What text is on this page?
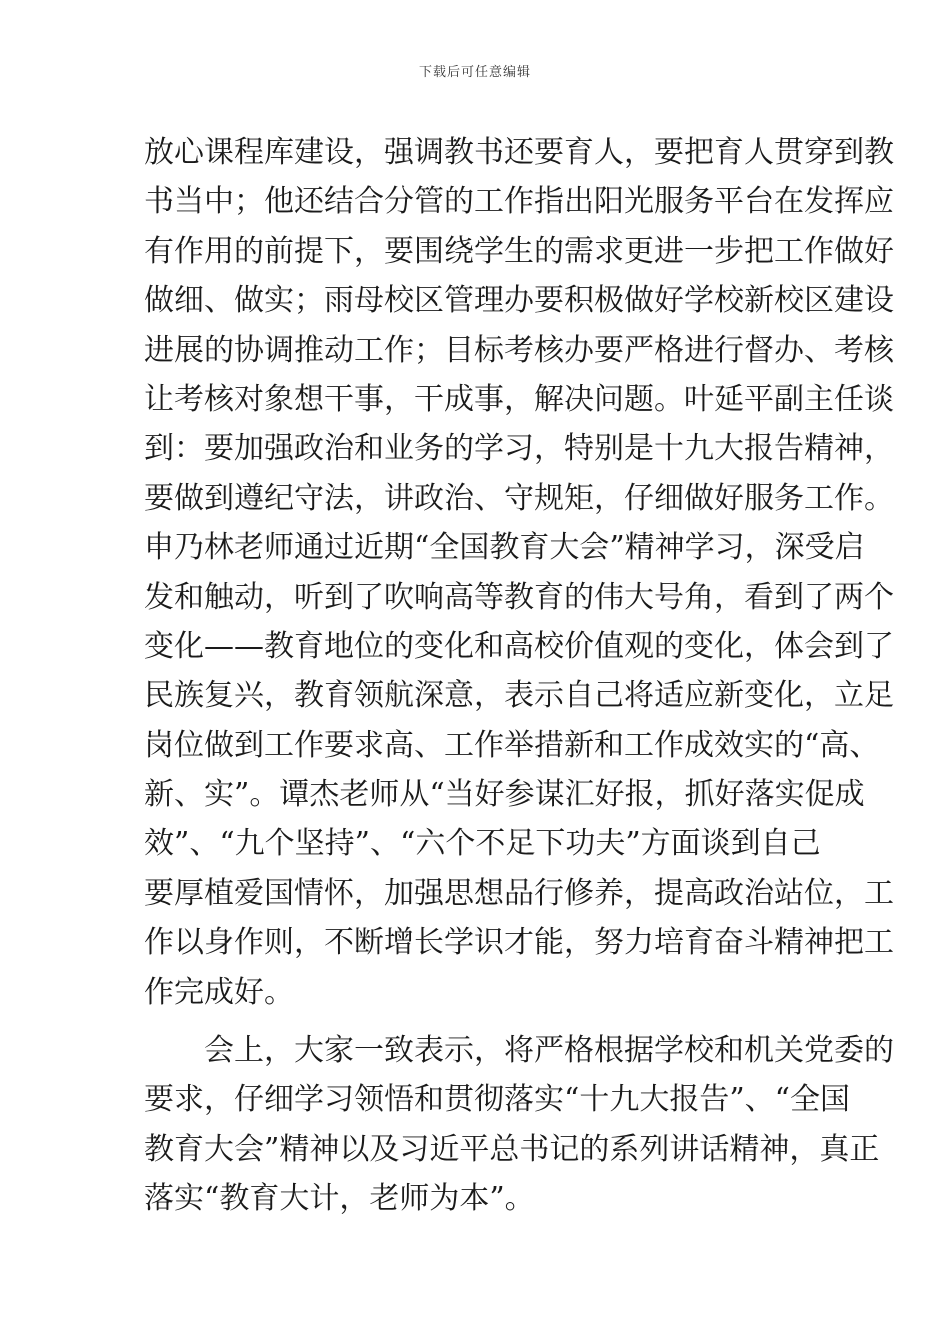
下载后可任意编辑
放心课程库建设，强调教书还要育人，要把育人贯穿到教
书当中；他还结合分管的工作指出阳光服务平台在发挥应
有作用的前提下，要围绕学生的需求更进一步把工作做好
做细、做实；雨母校区管理办要积极做好学校新校区建设
进展的协调推动工作；目标考核办要严格进行督办、考核
让考核对象想干事，干成事，解决问题。叶延平副主任谈
到：要加强政治和业务的学习，特别是十九大报告精神，
要做到遵纪守法，讲政治、守规矩，仔细做好服务工作。
申乃林老师通过近期“全国教育大会”精神学习，深受启
发和触动，听到了吹响高等教育的伟大号角，看到了两个
变化——教育地位的变化和高校价值观的变化，体会到了
民族复兴，教育领航深意，表示自己将适应新变化，立足
岗位做到工作要求高、工作举措新和工作成效实的“高、
新、实”。谭杰老师从“当好参谋汇好报，抓好落实促成
效”、“九个坚持”、“六个不足下功夫”方面谈到自己
要厚植爱国情怀，加强思想品行修养，提高政治站位，工
作以身作则，不断增长学识才能，努力培育奋斗精神把工
作完成好。
会上，大家一致表示，将严格根据学校和机关党委的
要求，仔细学习领悟和贯彻落实“十九大报告”、“全国
教育大会”精神以及习近平总书记的系列讲话精神，真正
落实“教育大计，老师为本”。
